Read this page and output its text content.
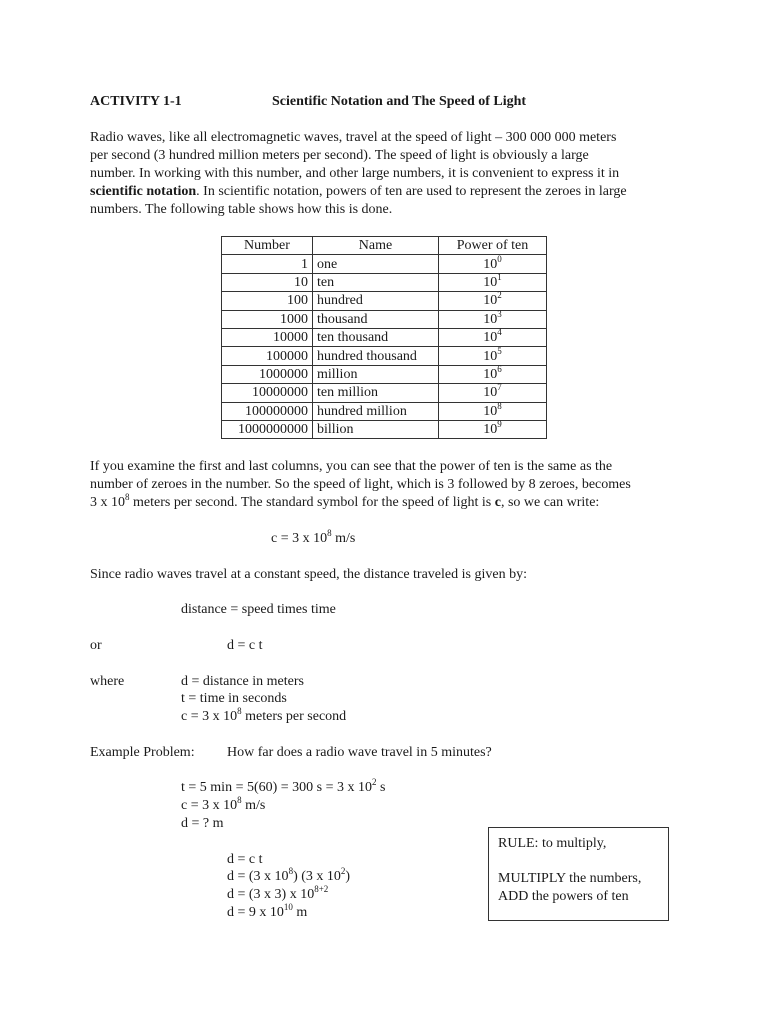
ACTIVITY 1-1	Scientific Notation and The Speed of Light
Radio waves, like all electromagnetic waves, travel at the speed of light – 300 000 000 meters
per second (3 hundred million meters per second). The speed of light is obviously a large
number. In working with this number, and other large numbers, it is convenient to express it in
scientific notation. In scientific notation, powers of ten are used to represent the zeroes in large
numbers. The following table shows how this is done.
Number	Name	Power of ten
1	one	$10^0$
10	ten	$10^1$
100	hundred	$10^2$
1000	thousand	$10^3$
10000	ten thousand	$10^4$
100000	hundred thousand	$10^5$
1000000	million	$10^6$
10000000	ten million	$10^7$
100000000	hundred million	$10^8$
1000000000	billion	$10^9$
If you examine the first and last columns, you can see that the power of ten is the same as the
number of zeroes in the number. So the speed of light, which is 3 followed by 8 zeroes, becomes
3 x $10^8$ meters per second. The standard symbol for the speed of light is c, so we can write:
c = 3 x $10^8$ m/s
Since radio waves travel at a constant speed, the distance traveled is given by:
distance = speed times time
or	d = c t
where	d = distance in meters
t = time in seconds
c = 3 x $10^8$ meters per second
Example Problem: How far does a radio wave travel in 5 minutes?
t = 5 min = 5(60) = 300 s = 3 x $10^2$ s
c = 3 x $10^8$ m/s
d = ? m
d = c t
d = (3 x $10^8$) (3 x $10^2$)
d = (3 x 3) x $10^{8+2}$
d = 9 x $10^{10}$ m
RULE: to multiply,
MULTIPLY the numbers,
ADD the powers of ten
